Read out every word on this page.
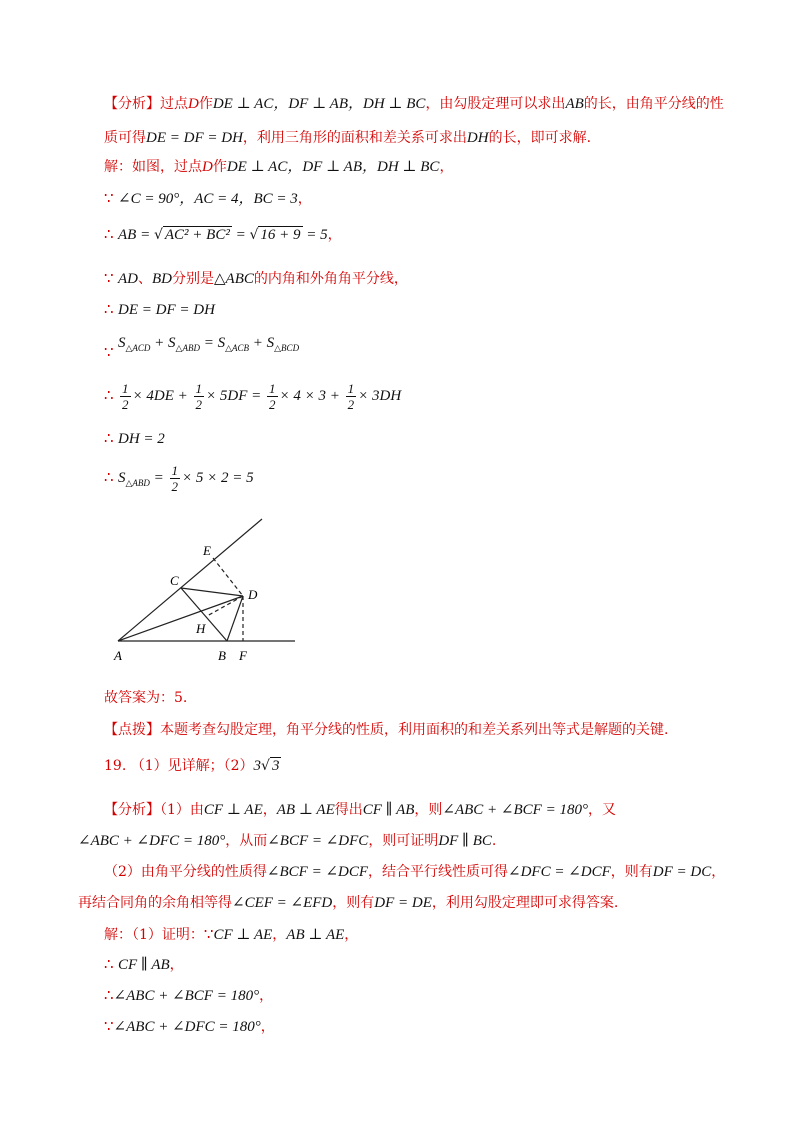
【分析】过点D作DE ⊥ AC，DF ⊥ AB，DH ⊥ BC，由勾股定理可以求出AB的长，由角平分线的性
质可得DE = DF = DH，利用三角形的面积和差关系可求出DH的长，即可求解.
解：如图，过点D作DE ⊥ AC，DF ⊥ AB，DH ⊥ BC，
∵ ∠C = 90°，AC = 4，BC = 3，
∴ AB = √ AC² + BC² = √ 16 + 9 = 5，
∵ AD、BD分别是△ABC的内角和外角角平分线，
∴ DE = DF = DH
∵ $S_{\triangle ACD} + S_{\triangle ABD} = S_{\triangle ACB} + S_{\triangle BCD}$
∴ $\frac{1}{2} \times 4DE + \frac{1}{2} \times 5DF = \frac{1}{2} \times 4 \times 3 + \frac{1}{2} \times 3DH$
∴ DH = 2
∴ $S_{\triangle ABD} = \frac{1}{2} \times 5 \times 2 = 5$
E
C
D
H
A	B F
故答案为：5.
【点拨】本题考查勾股定理，角平分线的性质，利用面积的和差关系列出等式是解题的关键.
19. （1）见详解；（2）3√ 3
【分析】（1）由CF ⊥ AE，AB ⊥ AE得出CF ∥ AB，则∠ABC + ∠BCF = 180°，又
∠ABC + ∠DFC = 180°，从而∠BCF = ∠DFC，则可证明DF ∥ BC.
（2）由角平分线的性质得∠BCF = ∠DCF，结合平行线性质可得∠DFC = ∠DCF，则有DF = DC，
再结合同角的余角相等得∠CEF = ∠EFD，则有DF = DE，利用勾股定理即可求得答案.
解：（1）证明：∵CF ⊥ AE，AB ⊥ AE，
∴ CF ∥ AB，
∴∠ABC + ∠BCF = 180°，
∵∠ABC + ∠DFC = 180°，
